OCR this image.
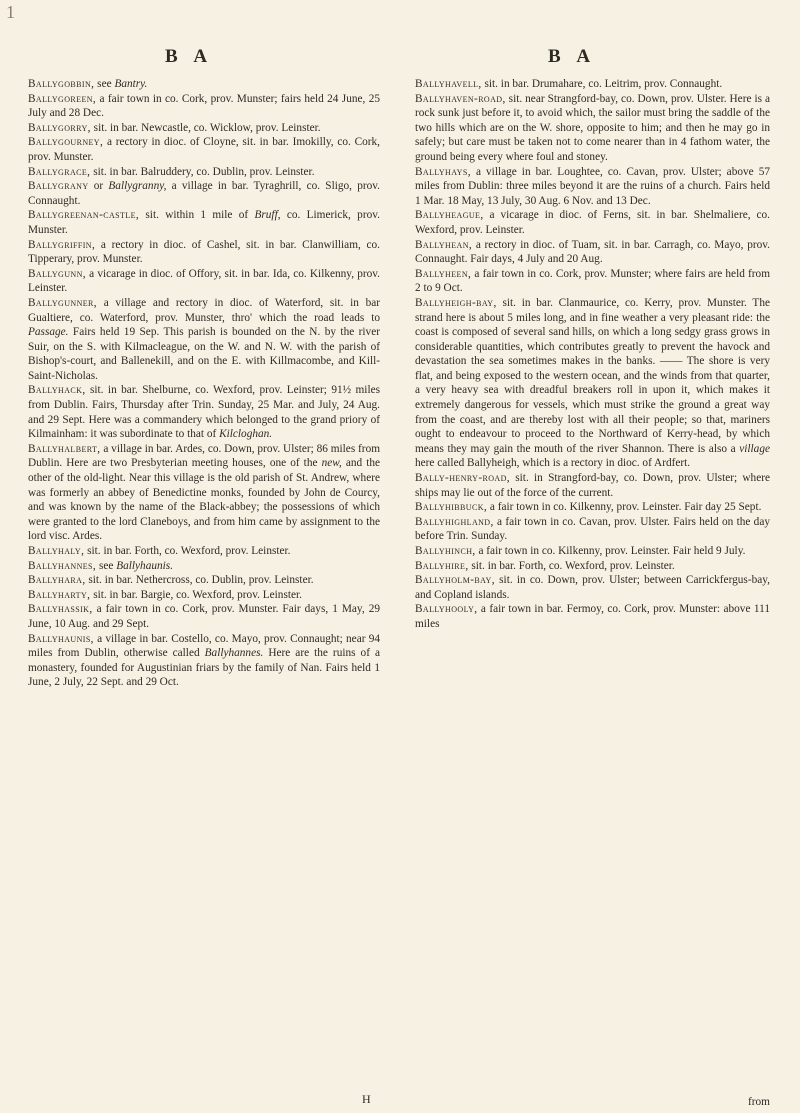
1
B A	B A

Ballygobbin, see Bantry.

Ballygoreen, a fair town in co. Cork, prov. Munster; fairs held 24 June, 25 July and 28 Dec.

Ballygorry, sit. in bar. Newcastle, co. Wicklow, prov. Leinster.

Ballygourney, a rectory in dioc. of Cloyne, sit. in bar. Imokilly, co. Cork, prov. Munster.

Ballygrace, sit. in bar. Balruddery, co. Dublin, prov. Leinster.

Ballygrany or Ballygranny, a village in bar. Tyraghrill, co. Sligo, prov. Connaught.

Ballygreenan-castle, sit. within 1 mile of Bruff, co. Limerick, prov. Munster.

Ballygriffin, a rectory in dioc. of Cashel, sit. in bar. Clanwilliam, co. Tipperary, prov. Munster.

Ballygunn, a vicarage in dioc. of Offory, sit. in bar. Ida, co. Kilkenny, prov. Leinster.

Ballygunner, a village and rectory in dioc. of Waterford, sit. in bar Gualtiere, co. Waterford, prov. Munster, thro' which the road leads to Passage. Fairs held 19 Sep. This parish is bounded on the N. by the river Suir, on the S. with Kilmacleague, on the W. and N. W. with the parish of Bishop's-court, and Ballenekill, and on the E. with Killmacombe, and Kill-Saint-Nicholas.

Ballyhack, sit. in bar. Shelburne, co. Wexford, prov. Leinster; 91½ miles from Dublin. Fairs, Thursday after Trin. Sunday, 25 Mar. and July, 24 Aug. and 29 Sept. Here was a commandery which belonged to the grand priory of Kilmainham: it was subordinate to that of Kilcloghan.

Ballyhalbert, a village in bar. Ardes, co. Down, prov. Ulster; 86 miles from Dublin. Here are two Presbyterian meeting houses, one of the new, and the other of the old-light. Near this village is the old parish of St. Andrew, where was formerly an abbey of Benedictine monks, founded by John de Courcy, and was known by the name of the Black-abbey; the possessions of which were granted to the lord Claneboys, and from him came by assignment to the lord visc. Ardes.

Ballyhaly, sit. in bar. Forth, co. Wexford, prov. Leinster.

Ballyhannes, see Ballyhaunis.

Ballyhara, sit. in bar. Nethercross, co. Dublin, prov. Leinster.

Ballyharty, sit. in bar. Bargie, co. Wexford, prov. Leinster.

Ballyhassik, a fair town in co. Cork, prov. Munster. Fair days, 1 May, 29 June, 10 Aug. and 29 Sept.

Ballyhaunis, a village in bar. Costello, co. Mayo, prov. Connaught; near 94 miles from Dublin, otherwise called Ballyhannes. Here are the ruins of a monastery, founded for Augustinian friars by the family of Nan. Fairs held 1 June, 2 July, 22 Sept. and 29 Oct.

Ballyhavell, sit. in bar. Drumahare, co. Leitrim, prov. Connaught.

Ballyhaven-road, sit. near Strangford-bay, co. Down, prov. Ulster. Here is a rock sunk just before it, to avoid which, the sailor must bring the saddle of the two hills which are on the W. shore, opposite to him; and then he may go in safely; but care must be taken not to come nearer than in 4 fathom water, the ground being every where foul and stoney.

Ballyhays, a village in bar. Loughtee, co. Cavan, prov. Ulster; above 57 miles from Dublin: three miles beyond it are the ruins of a church. Fairs held 1 Mar. 18 May, 13 July, 30 Aug. 6 Nov. and 13 Dec.

Ballyheague, a vicarage in dioc. of Ferns, sit. in bar. Shelmaliere, co. Wexford, prov. Leinster.

Ballyhean, a rectory in dioc. of Tuam, sit. in bar. Carragh, co. Mayo, prov. Connaught. Fair days, 4 July and 20 Aug.

Ballyheen, a fair town in co. Cork, prov. Munster; where fairs are held from 2 to 9 Oct.

Ballyheigh-bay, sit. in bar. Clanmaurice, co. Kerry, prov. Munster. The strand here is about 5 miles long, and in fine weather a very pleasant ride: the coast is composed of several sand hills, on which a long sedgy grass grows in considerable quantities, which contributes greatly to prevent the havock and devastation the sea sometimes makes in the banks. —— The shore is very flat, and being exposed to the western ocean, and the winds from that quarter, a very heavy sea with dreadful breakers roll in upon it, which makes it extremely dangerous for vessels, which must strike the ground a great way from the coast, and are thereby lost with all their people; so that, mariners ought to endeavour to proceed to the Northward of Kerry-head, by which means they may gain the mouth of the river Shannon. There is also a village here called Ballyheigh, which is a rectory in dioc. of Ardfert.

Bally-henry-road, sit. in Strangford-bay, co. Down, prov. Ulster; where ships may lie out of the force of the current.

Ballyhibbuck, a fair town in co. Kilkenny, prov. Leinster. Fair day 25 Sept.

Ballyhighland, a fair town in co. Cavan, prov. Ulster. Fairs held on the day before Trin. Sunday.

Ballyhinch, a fair town in co. Kilkenny, prov. Leinster. Fair held 9 July.

Ballyhire, sit. in bar. Forth, co. Wexford, prov. Leinster.

Ballyholm-bay, sit. in co. Down, prov. Ulster; between Carrickfergus-bay, and Copland islands.

Ballyhooly, a fair town in bar. Fermoy, co. Cork, prov. Munster: above 111 miles

H	from
